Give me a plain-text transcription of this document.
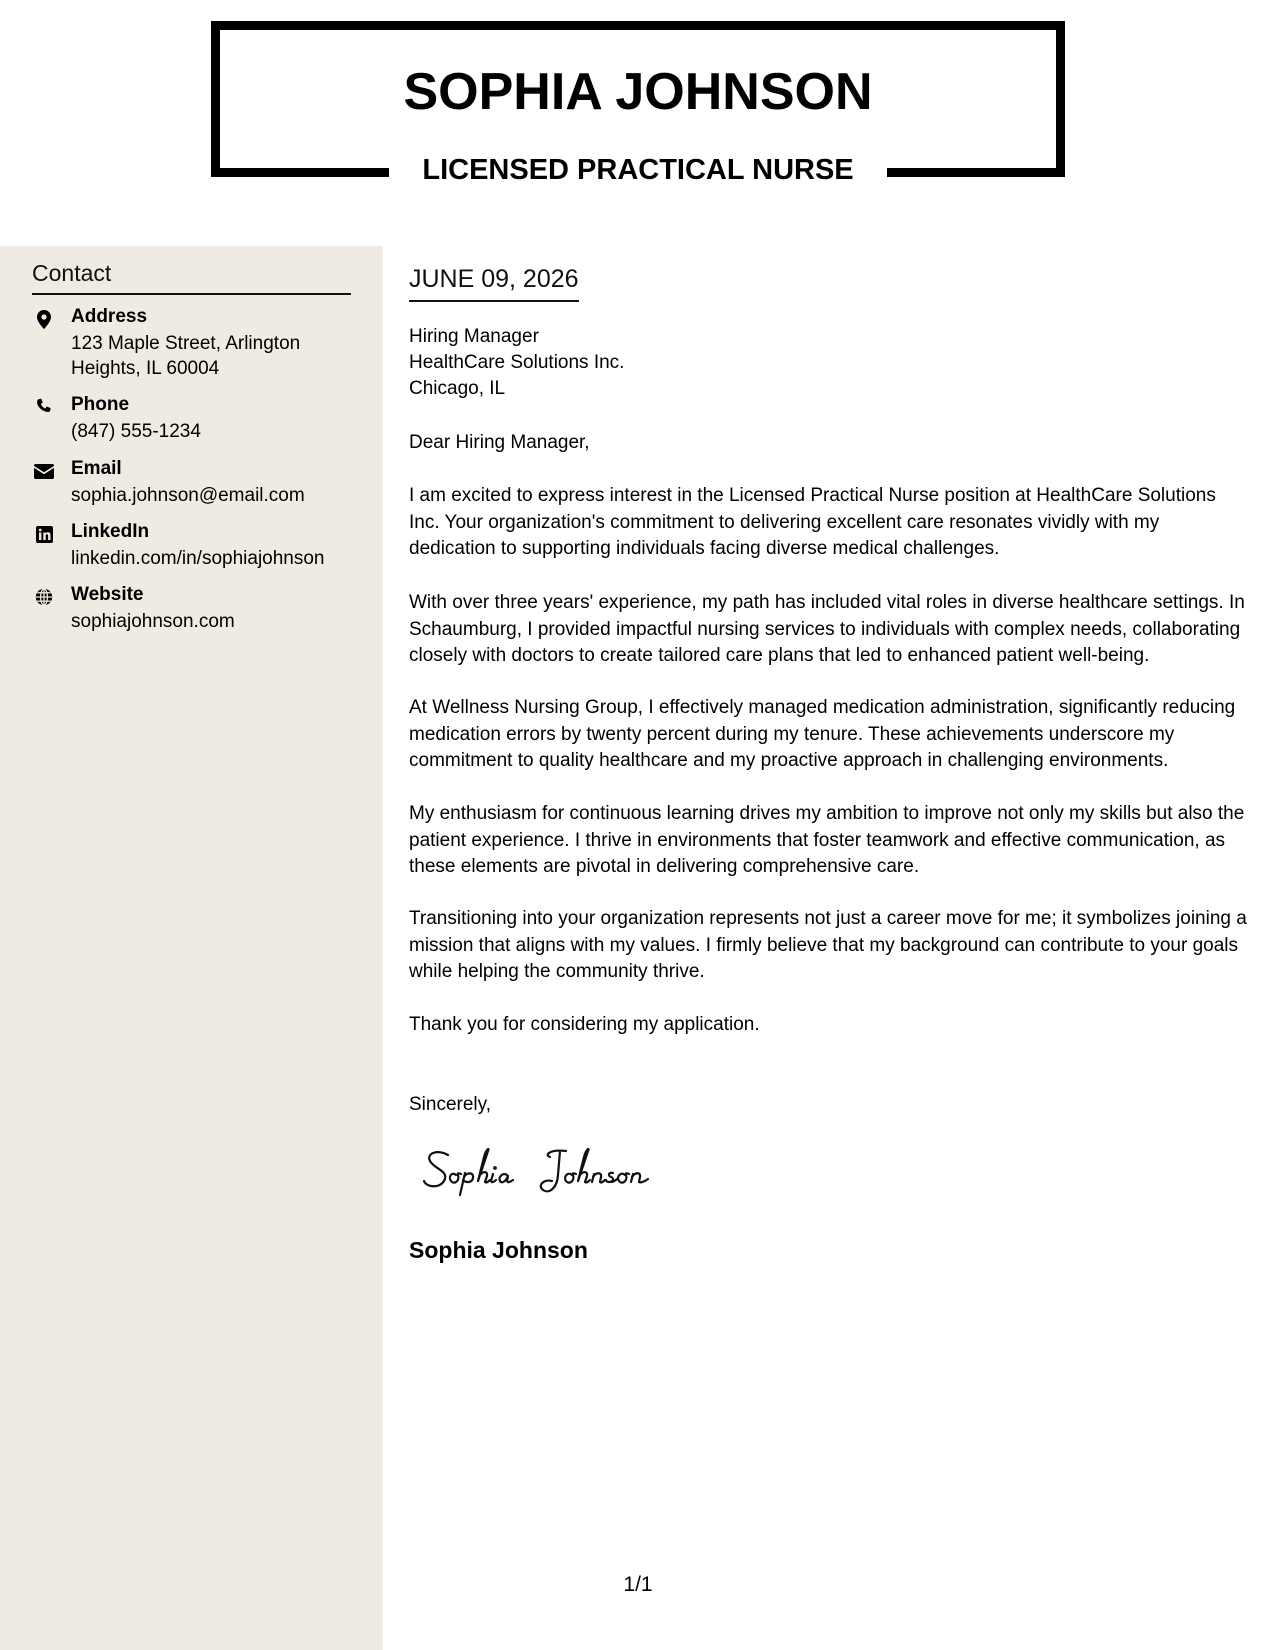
SOPHIA JOHNSON
LICENSED PRACTICAL NURSE
Contact
Address
123 Maple Street, Arlington Heights, IL 60004
Phone
(847) 555-1234
Email
sophia.johnson@email.com
LinkedIn
linkedin.com/in/sophiajohnson
Website
sophiajohnson.com
JUNE 09, 2026
Hiring Manager
HealthCare Solutions Inc.
Chicago, IL
Dear Hiring Manager,

I am excited to express interest in the Licensed Practical Nurse position at HealthCare Solutions Inc. Your organization's commitment to delivering excellent care resonates vividly with my dedication to supporting individuals facing diverse medical challenges.

With over three years' experience, my path has included vital roles in diverse healthcare settings. In Schaumburg, I provided impactful nursing services to individuals with complex needs, collaborating closely with doctors to create tailored care plans that led to enhanced patient well-being.

At Wellness Nursing Group, I effectively managed medication administration, significantly reducing medication errors by twenty percent during my tenure. These achievements underscore my commitment to quality healthcare and my proactive approach in challenging environments.

My enthusiasm for continuous learning drives my ambition to improve not only my skills but also the patient experience. I thrive in environments that foster teamwork and effective communication, as these elements are pivotal in delivering comprehensive care.

Transitioning into your organization represents not just a career move for me; it symbolizes joining a mission that aligns with my values. I firmly believe that my background can contribute to your goals while helping the community thrive.

Thank you for considering my application.

Sincerely,
Sophia Johnson
1/1
